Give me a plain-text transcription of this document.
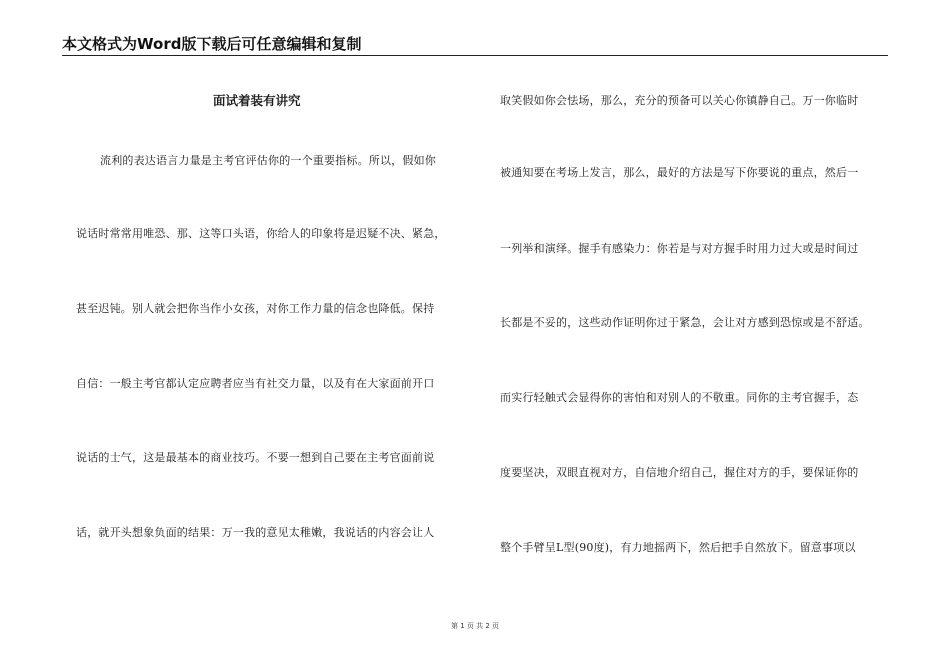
本文格式为Word版下载后可任意编辑和复制
面试着装有讲究
流利的表达语言力量是主考官评估你的一个重要指标。所以，假如你
说话时常常用唯恐、那、这等口头语，你给人的印象将是迟疑不决、紧急，
甚至迟钝。别人就会把你当作小女孩，对你工作力量的信念也降低。保持
自信：一般主考官都认定应聘者应当有社交力量，以及有在大家面前开口
说话的士气，这是最基本的商业技巧。不要一想到自己要在主考官面前说
话，就开头想象负面的结果：万一我的意见太稚嫩，我说话的内容会让人
取笑假如你会怯场，那么，充分的预备可以关心你镇静自己。万一你临时
被通知要在考场上发言，那么，最好的方法是写下你要说的重点，然后一
一列举和演绎。握手有感染力：你若是与对方握手时用力过大或是时间过
长都是不妥的，这些动作证明你过于紧急，会让对方感到恐惊或是不舒适。
而实行轻触式会显得你的害怕和对别人的不敬重。同你的主考官握手，态
度要坚决，双眼直视对方，自信地介绍自己，握住对方的手，要保证你的
整个手臂呈L型(90度)，有力地摇两下，然后把手自然放下。留意事项以
第 1 页 共 2 页
